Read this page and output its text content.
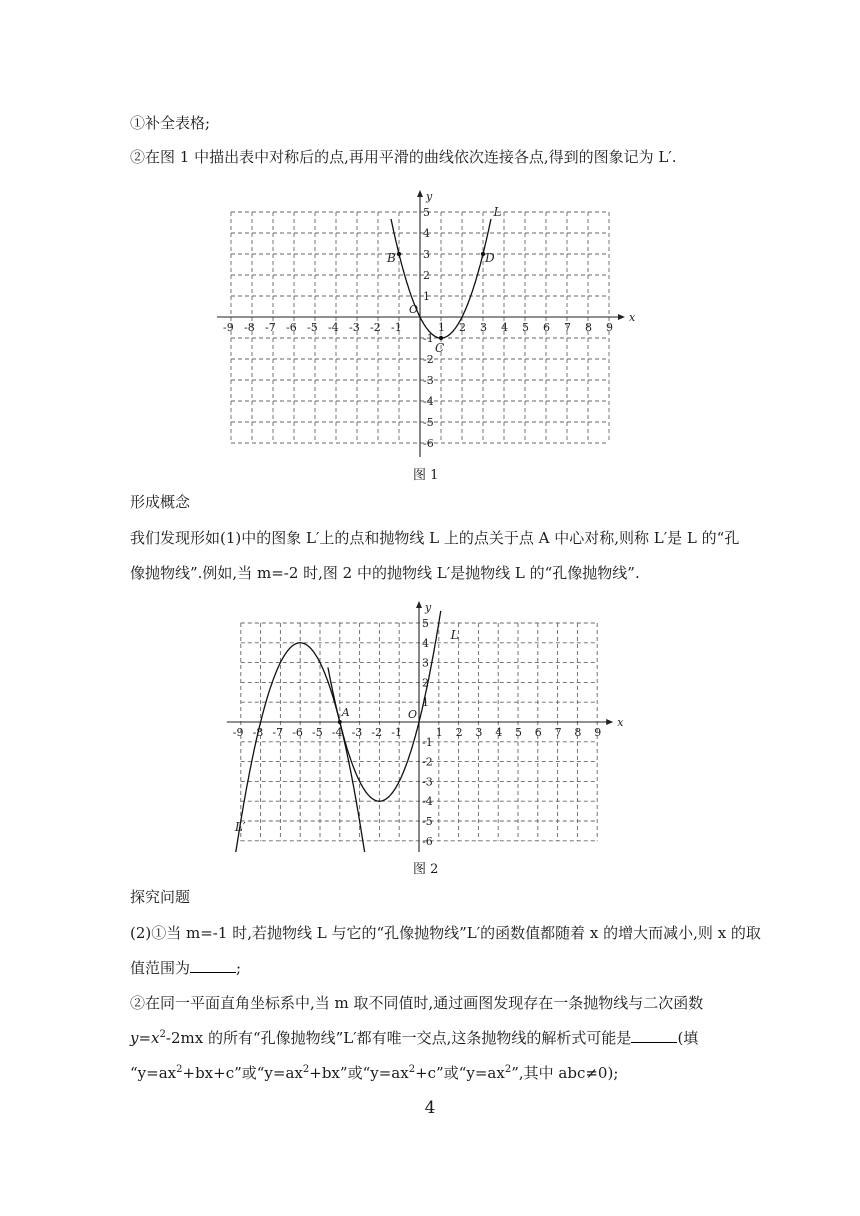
①补全表格;
②在图 1 中描出表中对称后的点,再用平滑的曲线依次连接各点,得到的图象记为 L′.
x
y
O
-9 -8 -7 -6 -5 -4 -3 -2 -1	1 2 3 4 5 6 7 8 9
5
4
3
2
1
-1
-2
-3
-4
-5
-6
L
B
C
D
图 1
形成概念
我们发现形如(1)中的图象 L′上的点和抛物线 L 上的点关于点 A 中心对称,则称 L′是 L 的“孔
像抛物线”.例如,当 m=-2 时,图 2 中的抛物线 L′是抛物线 L 的“孔像抛物线”.
x
y
O
-9 -8 -7 -6 -5 -4 -3 -2 -1	1 2 3 4 5 6 7 8 9
5
4
3
2
1
-1
-2
-3
-4
-5
-6
L
L′
A
图 2
探究问题
(2)①当 m=-1 时,若抛物线 L 与它的“孔像抛物线”L′的函数值都随着 x 的增大而减小,则 x 的取
值范围为	;
②在同一平面直角坐标系中,当 m 取不同值时,通过画图发现存在一条抛物线与二次函数
$y=x^2-2mx$ 的所有“孔像抛物线”L′都有唯一交点,这条抛物线的解析式可能是	(填
“$y=ax^2+bx+c$”或“$y=ax^2+bx$”或“$y=ax^2+c$”或“$y=ax^2$”,其中 abc≠0);
4
